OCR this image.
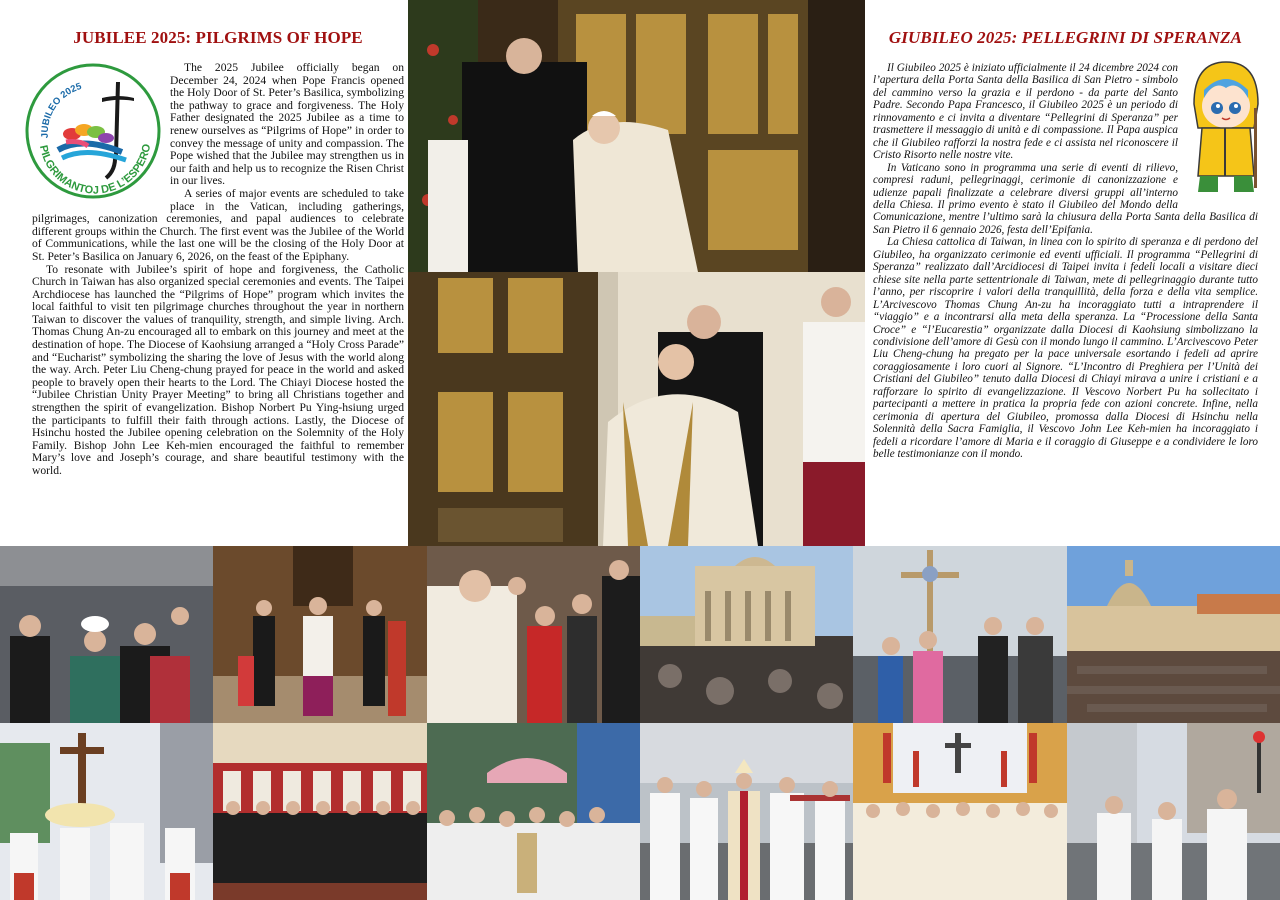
JUBILEE 2025: PILGRIMS OF HOPE
JUBILEO 2025
PILGRIMANTOJ DE L’ESPERO

The 2025 Jubilee officially began on December 24, 2024 when Pope Francis opened the Holy Door of St. Peter’s Basilica, symbolizing the pathway to grace and forgiveness. The Holy Father designated the 2025 Jubilee as a time to renew ourselves as “Pilgrims of Hope” in order to convey the message of unity and compassion. The Pope wished that the Jubilee may strengthen us in our faith and help us to recognize the Risen Christ in our lives.

A series of major events are scheduled to take place in the Vatican, including gatherings, pilgrimages, canonization ceremonies, and papal audiences to celebrate different groups within the Church. The first event was the Jubilee of the World of Communications, while the last one will be the closing of the Holy Door at St. Peter’s Basilica on January 6, 2026, on the feast of the Epiphany.

To resonate with Jubilee’s spirit of hope and forgiveness, the Catholic Church in Taiwan has also organized special ceremonies and events. The Taipei Archdiocese has launched the “Pilgrims of Hope” program which invites the local faithful to visit ten pilgrimage churches throughout the year in northern Taiwan to discover the values of tranquility, strength, and simple living. Arch. Thomas Chung An-zu encouraged all to embark on this journey and meet at the destination of hope. The Diocese of Kaohsiung arranged a “Holy Cross Parade” and “Eucharist” symbolizing the sharing the love of Jesus with the world along the way. Arch. Peter Liu Cheng-chung prayed for peace in the world and asked people to bravely open their hearts to the Lord. The Chiayi Diocese hosted the “Jubilee Christian Unity Prayer Meeting” to bring all Christians together and strengthen the spirit of evangelization. Bishop Norbert Pu Ying-hsiung urged the participants to fulfill their faith through actions. Lastly, the Diocese of Hsinchu hosted the Jubilee opening celebration on the Solemnity of the Holy Family. Bishop John Lee Keh-mien encouraged the faithful to remember Mary’s love and Joseph’s courage, and share beautiful testimony with the world.

GIUBILEO 2025: PELLEGRINI DI SPERANZA

Il Giubileo 2025 è iniziato ufficialmente il 24 dicembre 2024 con l’apertura della Porta Santa della Basilica di San Pietro - simbolo del cammino verso la grazia e il perdono - da parte del Santo Padre. Secondo Papa Francesco, il Giubileo 2025 è un periodo di rinnovamento e ci invita a diventare “Pellegrini di Speranza” per trasmettere il messaggio di unità e di compassione. Il Papa auspica che il Giubileo rafforzi la nostra fede e ci assista nel riconoscere il Cristo Risorto nelle nostre vite.

In Vaticano sono in programma una serie di eventi di rilievo, compresi raduni, pellegrinaggi, cerimonie di canonizzazione e udienze papali finalizzate a celebrare diversi gruppi all’interno della Chiesa. Il primo evento è stato il Giubileo del Mondo della Comunicazione, mentre l’ultimo sarà la chiusura della Porta Santa della Basilica di San Pietro il 6 gennaio 2026, festa dell’Epifania.

La Chiesa cattolica di Taiwan, in linea con lo spirito di speranza e di perdono del Giubileo, ha organizzato cerimonie ed eventi ufficiali. Il programma “Pellegrini di Speranza” realizzato dall’Arcidiocesi di Taipei invita i fedeli locali a visitare dieci chiese site nella parte settentrionale di Taiwan, mete di pellegrinaggio durante tutto l’anno, per riscoprire i valori della tranquillità, della forza e della vita semplice. L’Arcivescovo Thomas Chung An-zu ha incoraggiato tutti a intraprendere il “viaggio” e a incontrarsi alla meta della speranza. La “Processione della Santa Croce” e “l’Eucarestia” organizzate dalla Diocesi di Kaohsiung simbolizzano la condivisione dell’amore di Gesù con il mondo lungo il cammino. L’Arcivescovo Peter Liu Cheng-chung ha pregato per la pace universale esortando i fedeli ad aprire coraggiosamente i loro cuori al Signore. “L’Incontro di Preghiera per l’Unità dei Cristiani del Giubileo” tenuto dalla Diocesi di Chiayi mirava a unire i cristiani e a rafforzare lo spirito di evangelizzazione. Il Vescovo Norbert Pu ha sollecitato i partecipanti a mettere in pratica la propria fede con azioni concrete. Infine, nella cerimonia di apertura del Giubileo, promossa dalla Diocesi di Hsinchu nella Solennità della Sacra Famiglia, il Vescovo John Lee Keh-mien ha incoraggiato i fedeli a ricordare l’amore di Maria e il coraggio di Giuseppe e a condividere le loro belle testimonianze con il mondo.
